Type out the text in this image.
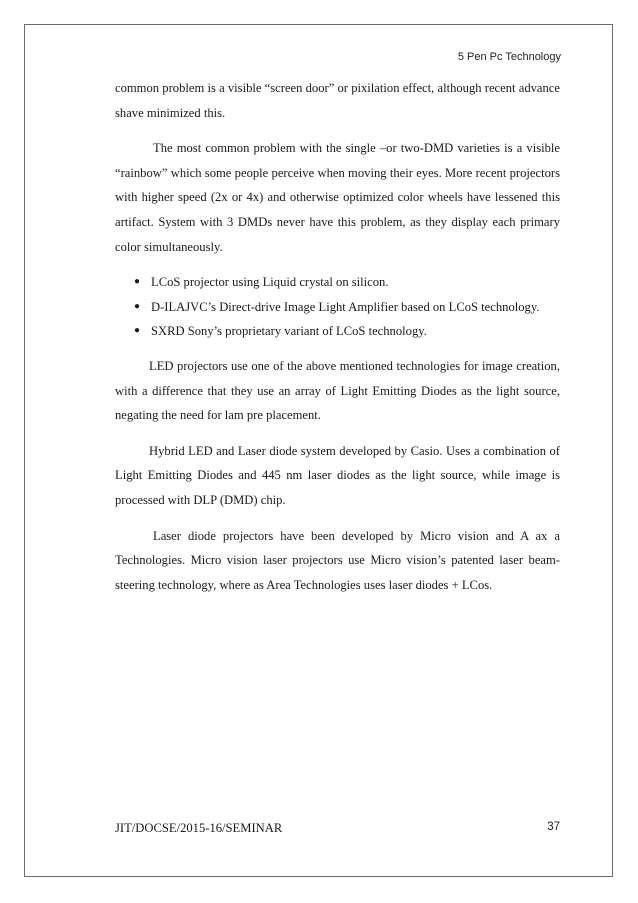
5 Pen Pc Technology

common problem is a visible “screen door” or pixilation effect, although recent advance shave minimized this.

The most common problem with the single –or two-DMD varieties is a visible “rainbow” which some people perceive when moving their eyes. More recent projectors with higher speed (2x or 4x) and otherwise optimized color wheels have lessened this artifact. System with 3 DMDs never have this problem, as they display each primary color simultaneously.

● LCoS projector using Liquid crystal on silicon.
● D-ILAJVC’s Direct-drive Image Light Amplifier based on LCoS technology.
● SXRD Sony’s proprietary variant of LCoS technology.

LED projectors use one of the above mentioned technologies for image creation, with a difference that they use an array of Light Emitting Diodes as the light source, negating the need for lam pre placement.

Hybrid LED and Laser diode system developed by Casio. Uses a combination of Light Emitting Diodes and 445 nm laser diodes as the light source, while image is processed with DLP (DMD) chip.

Laser diode projectors have been developed by Micro vision and A ax a Technologies. Micro vision laser projectors use Micro vision’s patented laser beam-steering technology, where as Area Technologies uses laser diodes + LCos.

JIT/DOCSE/2015-16/SEMINAR	37
